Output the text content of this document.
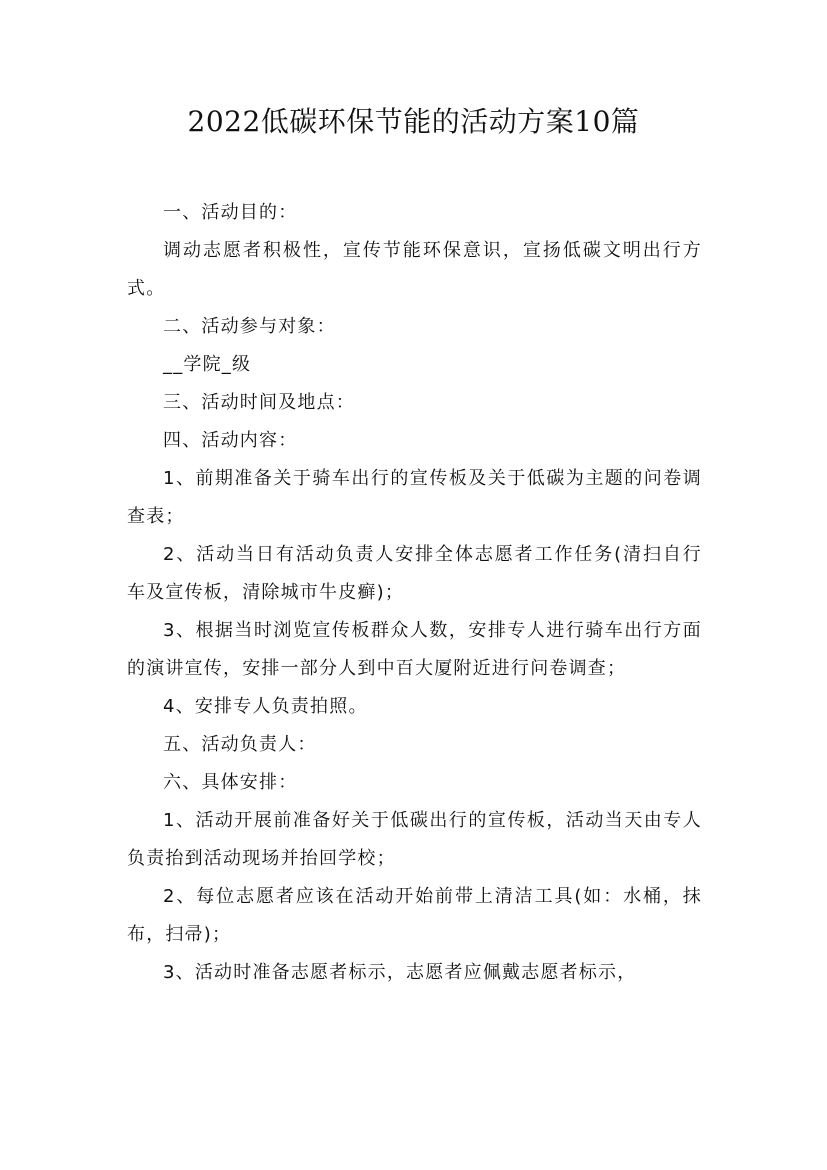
2022低碳环保节能的活动方案10篇

一、活动目的：

调动志愿者积极性，宣传节能环保意识，宣扬低碳文明出行方式。

二、活动参与对象：

__学院_级

三、活动时间及地点：

四、活动内容：

1、前期准备关于骑车出行的宣传板及关于低碳为主题的问卷调查表；

2、活动当日有活动负责人安排全体志愿者工作任务(清扫自行车及宣传板，清除城市牛皮癣)；

3、根据当时浏览宣传板群众人数，安排专人进行骑车出行方面的演讲宣传，安排一部分人到中百大厦附近进行问卷调查；

4、安排专人负责拍照。

五、活动负责人：

六、具体安排：

1、活动开展前准备好关于低碳出行的宣传板，活动当天由专人负责抬到活动现场并抬回学校；

2、每位志愿者应该在活动开始前带上清洁工具(如：水桶，抹布，扫帚)；

3、活动时准备志愿者标示，志愿者应佩戴志愿者标示，
